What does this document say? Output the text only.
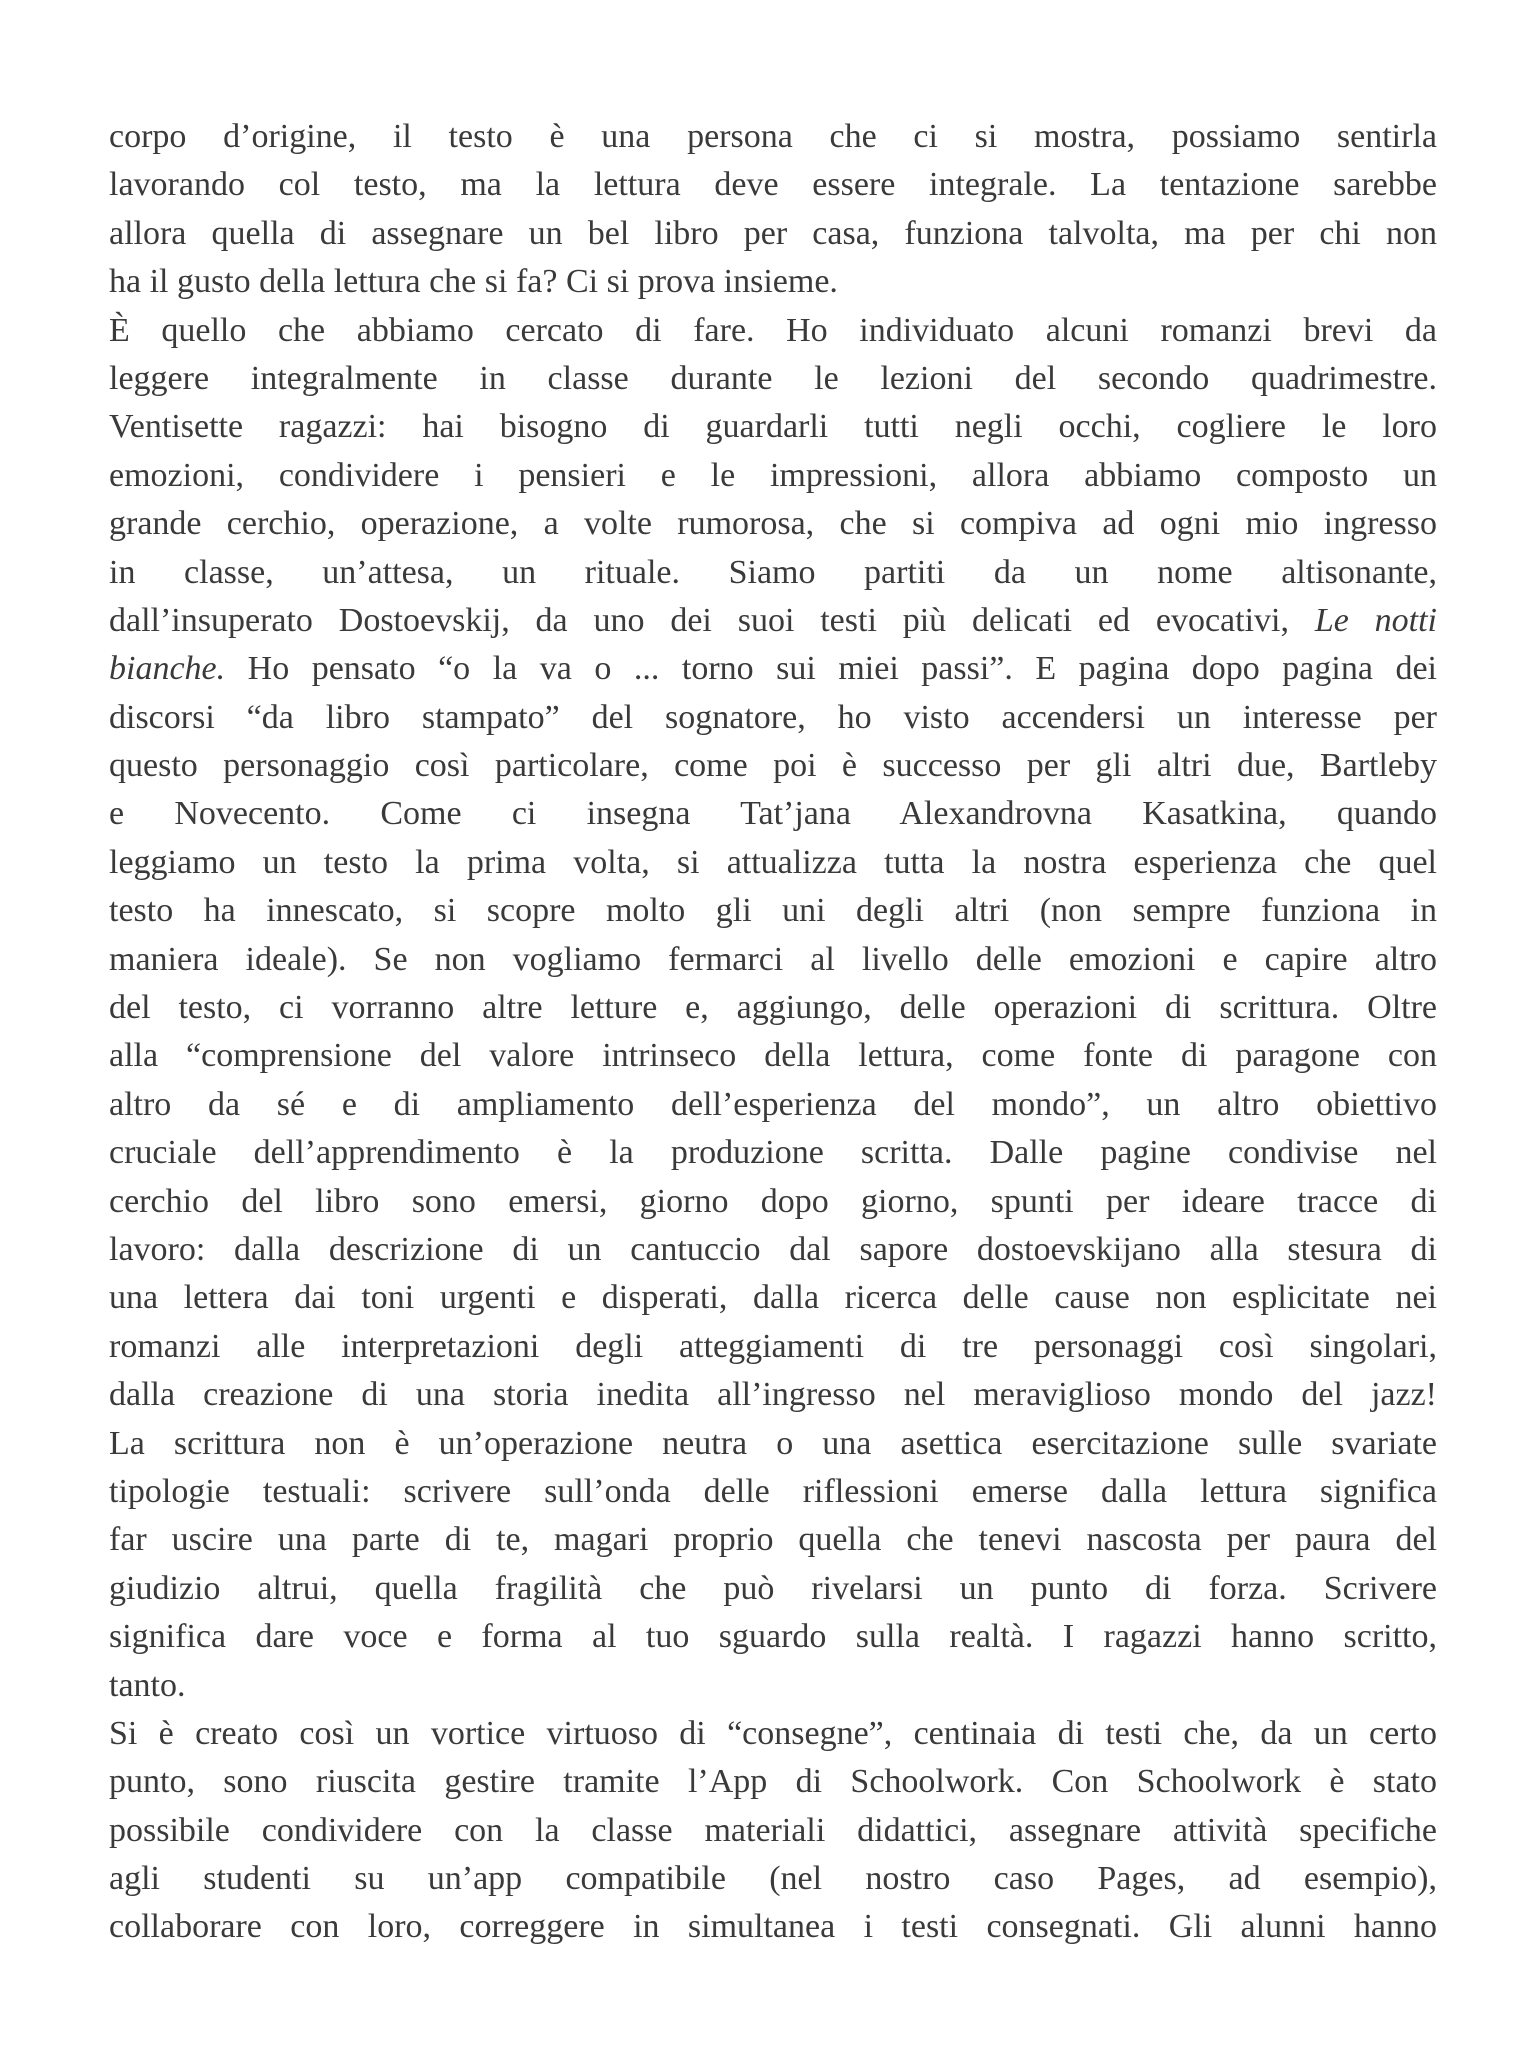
corpo d’origine, il testo è una persona che ci si mostra, possiamo sentirla
lavorando col testo, ma la lettura deve essere integrale. La tentazione sarebbe
allora quella di assegnare un bel libro per casa, funziona talvolta, ma per chi non
ha il gusto della lettura che si fa? Ci si prova insieme.
È quello che abbiamo cercato di fare. Ho individuato alcuni romanzi brevi da
leggere integralmente in classe durante le lezioni del secondo quadrimestre.
Ventisette ragazzi: hai bisogno di guardarli tutti negli occhi, cogliere le loro
emozioni, condividere i pensieri e le impressioni, allora abbiamo composto un
grande cerchio, operazione, a volte rumorosa, che si compiva ad ogni mio ingresso
in classe, un’attesa, un rituale. Siamo partiti da un nome altisonante,
dall’insuperato Dostoevskij, da uno dei suoi testi più delicati ed evocativi, Le notti
bianche. Ho pensato “o la va o ... torno sui miei passi”. E pagina dopo pagina dei
discorsi “da libro stampato” del sognatore, ho visto accendersi un interesse per
questo personaggio così particolare, come poi è successo per gli altri due, Bartleby
e Novecento. Come ci insegna Tat’jana Alexandrovna Kasatkina, quando
leggiamo un testo la prima volta, si attualizza tutta la nostra esperienza che quel
testo ha innescato, si scopre molto gli uni degli altri (non sempre funziona in
maniera ideale). Se non vogliamo fermarci al livello delle emozioni e capire altro
del testo, ci vorranno altre letture e, aggiungo, delle operazioni di scrittura. Oltre
alla “comprensione del valore intrinseco della lettura, come fonte di paragone con
altro da sé e di ampliamento dell’esperienza del mondo”, un altro obiettivo
cruciale dell’apprendimento è la produzione scritta. Dalle pagine condivise nel
cerchio del libro sono emersi, giorno dopo giorno, spunti per ideare tracce di
lavoro: dalla descrizione di un cantuccio dal sapore dostoevskijano alla stesura di
una lettera dai toni urgenti e disperati, dalla ricerca delle cause non esplicitate nei
romanzi alle interpretazioni degli atteggiamenti di tre personaggi così singolari,
dalla creazione di una storia inedita all’ingresso nel meraviglioso mondo del jazz!
La scrittura non è un’operazione neutra o una asettica esercitazione sulle svariate
tipologie testuali: scrivere sull’onda delle riflessioni emerse dalla lettura significa
far uscire una parte di te, magari proprio quella che tenevi nascosta per paura del
giudizio altrui, quella fragilità che può rivelarsi un punto di forza. Scrivere
significa dare voce e forma al tuo sguardo sulla realtà. I ragazzi hanno scritto,
tanto.
Si è creato così un vortice virtuoso di “consegne”, centinaia di testi che, da un certo
punto, sono riuscita gestire tramite l’App di Schoolwork. Con Schoolwork è stato
possibile condividere con la classe materiali didattici, assegnare attività specifiche
agli studenti su un’app compatibile (nel nostro caso Pages, ad esempio),
collaborare con loro, correggere in simultanea i testi consegnati. Gli alunni hanno
